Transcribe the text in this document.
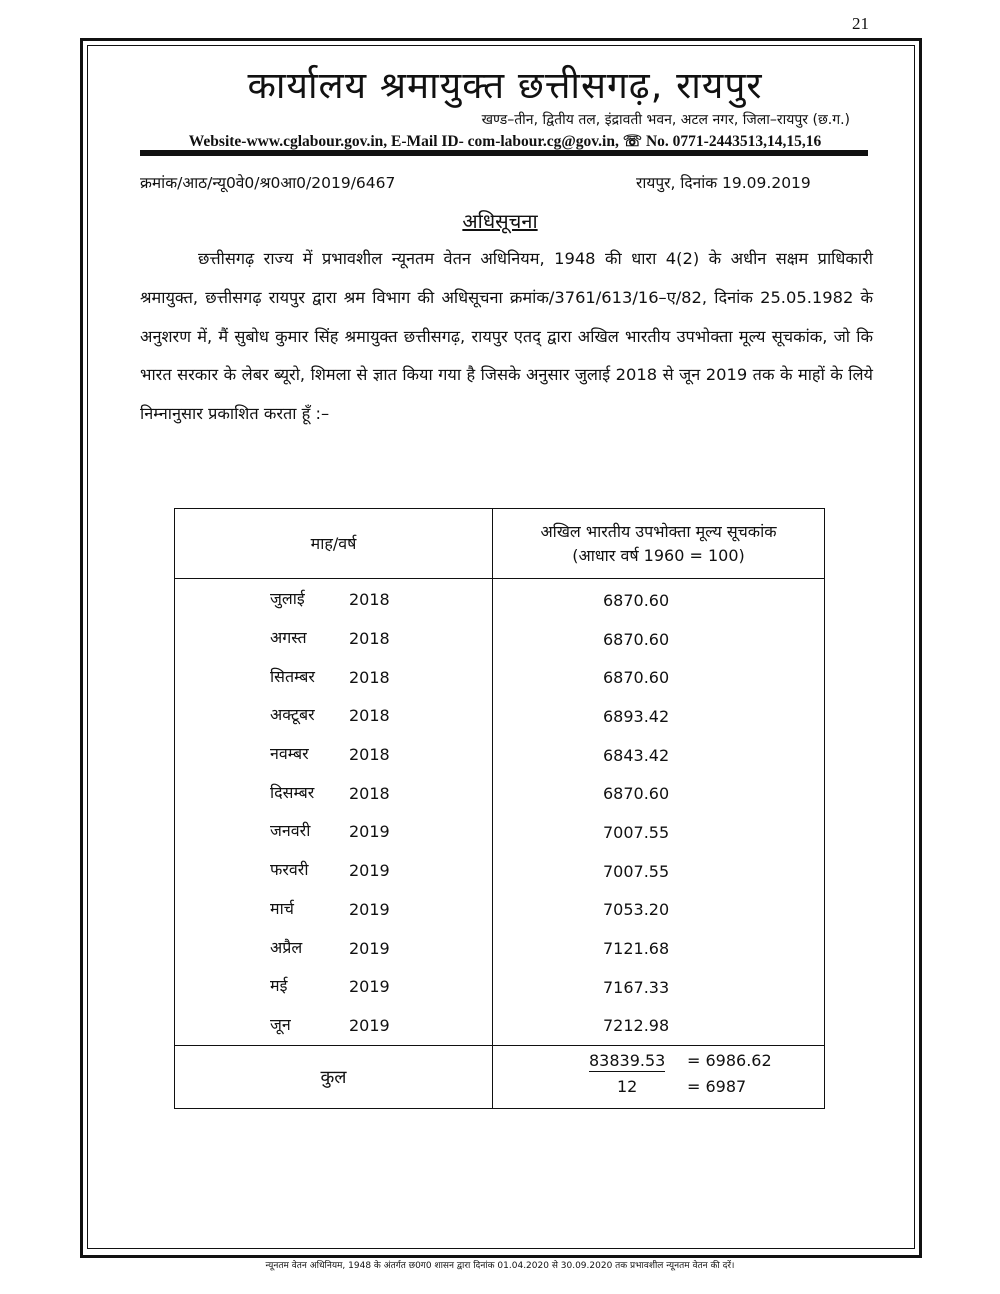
21
कार्यालय श्रमायुक्त छत्तीसगढ़, रायपुर
खण्ड–तीन, द्वितीय तल, इंद्रावती भवन, अटल नगर, जिला–रायपुर (छ.ग.)
Website-www.cglabour.gov.in, E-Mail ID- com-labour.cg@gov.in, ☏ No. 0771-2443513,14,15,16
क्रमांक/आठ/न्यू0वे0/श्र0आ0/2019/6467	रायपुर, दिनांक 19.09.2019
अधिसूचना
छत्तीसगढ़ राज्य में प्रभावशील न्यूनतम वेतन अधिनियम, 1948 की धारा 4(2) के अधीन सक्षम प्राधिकारी श्रमायुक्त, छत्तीसगढ़ रायपुर द्वारा श्रम विभाग की अधिसूचना क्रमांक/3761/613/16–ए/82, दिनांक 25.05.1982 के अनुशरण में, मैं सुबोध कुमार सिंह श्रमायुक्त छत्तीसगढ़, रायपुर एतद् द्वारा अखिल भारतीय उपभोक्ता मूल्य सूचकांक, जो कि भारत सरकार के लेबर ब्यूरो, शिमला से ज्ञात किया गया है जिसके अनुसार जुलाई 2018 से जून 2019 तक के माहों के लिये निम्नानुसार प्रकाशित करता हूँ :–
माह/वर्ष	अखिल भारतीय उपभोक्ता मूल्य सूचकांक
(आधार वर्ष 1960 = 100)

जुलाई 2018	6870.60

अगस्त 2018	6870.60

सितम्बर 2018	6870.60

अक्टूबर 2018	6893.42

नवम्बर 2018	6843.42

दिसम्बर 2018	6870.60

जनवरी 2019	7007.55

फरवरी 2019	7007.55

मार्च 2019	7053.20

अप्रैल 2019	7121.68

मई 2019	7167.33

जून 2019	7212.98
कुल	83839.53
12
= 6986.62
= 6987
न्यूनतम वेतन अधिनियम, 1948 के अंतर्गत छ0ग0 शासन द्वारा दिनांक 01.04.2020 से 30.09.2020 तक प्रभावशील न्यूनतम वेतन की दरें।
